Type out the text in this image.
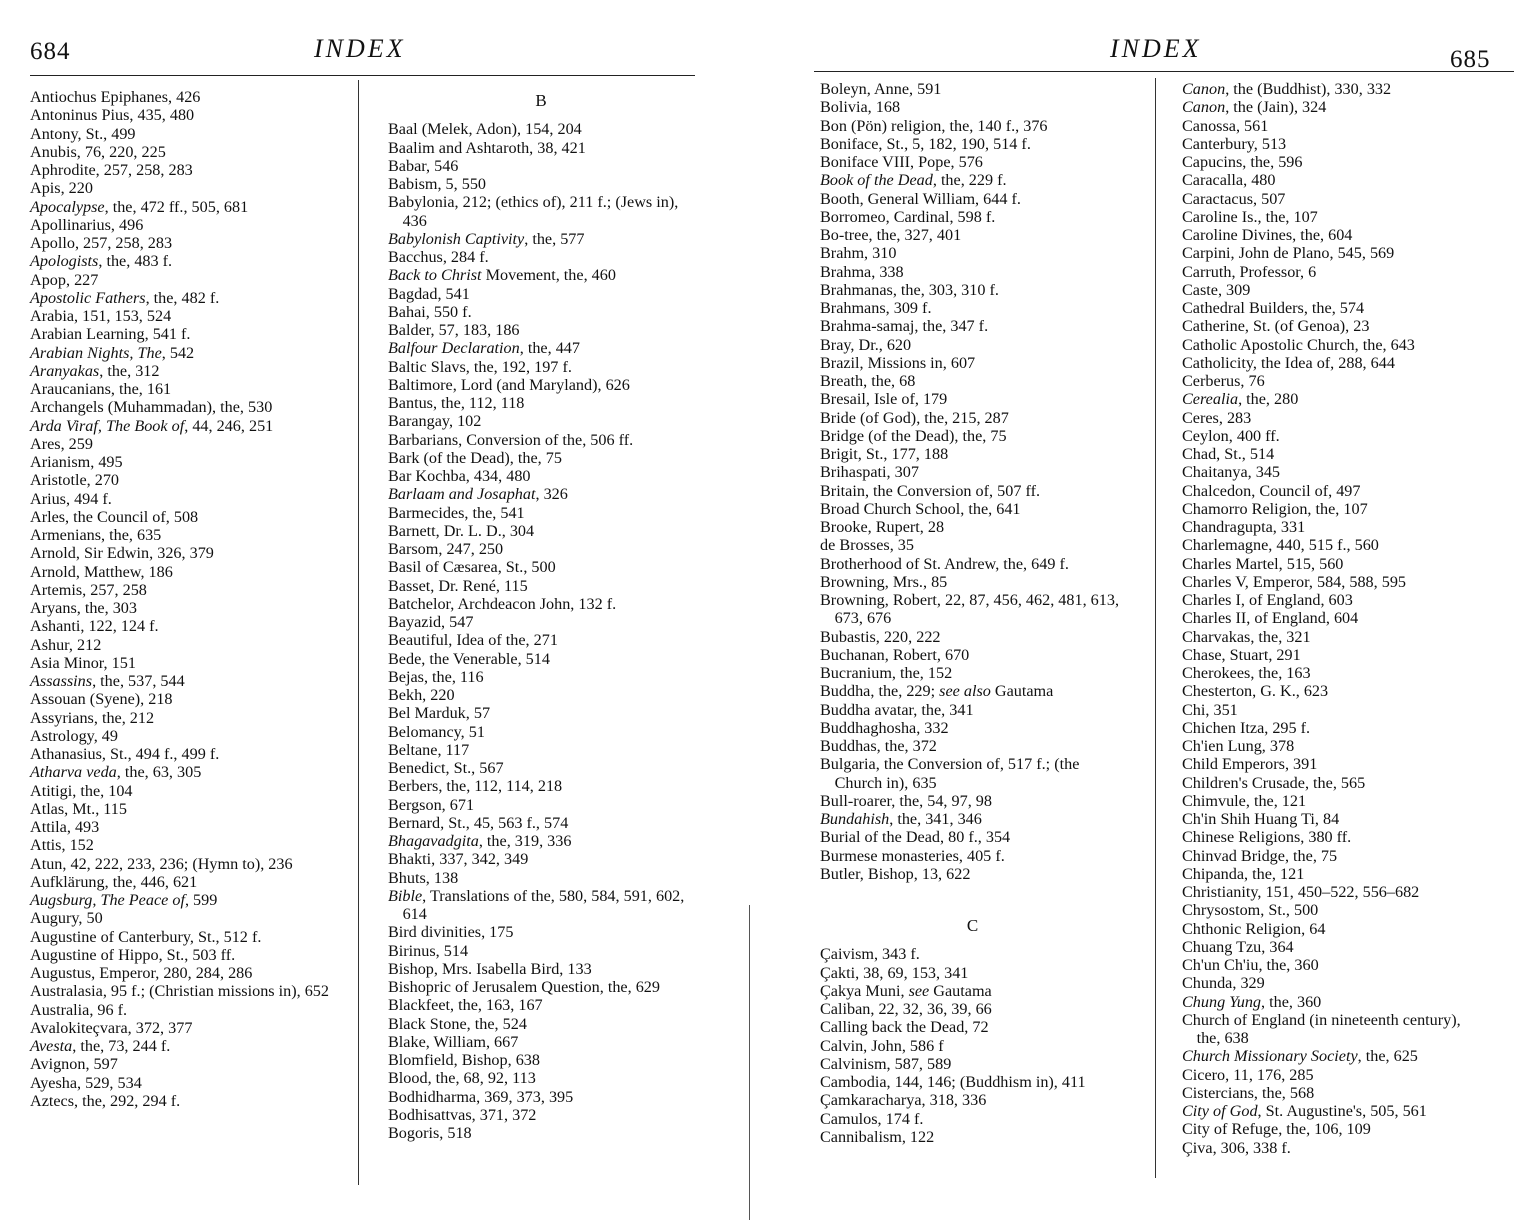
684	INDEX
Antiochus Epiphanes, 426
Antoninus Pius, 435, 480
Antony, St., 499
Anubis, 76, 220, 225
Aphrodite, 257, 258, 283
Apis, 220
Apocalypse, the, 472 ff., 505, 681
Apollinarius, 496
Apollo, 257, 258, 283
Apologists, the, 483 f.
Apop, 227
Apostolic Fathers, the, 482 f.
Arabia, 151, 153, 524
Arabian Learning, 541 f.
Arabian Nights, The, 542
Aranyakas, the, 312
Araucanians, the, 161
Archangels (Muhammadan), the, 530
Arda Viraf, The Book of, 44, 246, 251
Ares, 259
Arianism, 495
Aristotle, 270
Arius, 494 f.
Arles, the Council of, 508
Armenians, the, 635
Arnold, Sir Edwin, 326, 379
Arnold, Matthew, 186
Artemis, 257, 258
Aryans, the, 303
Ashanti, 122, 124 f.
Ashur, 212
Asia Minor, 151
Assassins, the, 537, 544
Assouan (Syene), 218
Assyrians, the, 212
Astrology, 49
Athanasius, St., 494 f., 499 f.
Atharva veda, the, 63, 305
Atitigi, the, 104
Atlas, Mt., 115
Attila, 493
Attis, 152
Atun, 42, 222, 233, 236; (Hymn to), 236
Aufklärung, the, 446, 621
Augsburg, The Peace of, 599
Augury, 50
Augustine of Canterbury, St., 512 f.
Augustine of Hippo, St., 503 ff.
Augustus, Emperor, 280, 284, 286
Australasia, 95 f.; (Christian missions in), 652
Australia, 96 f.
Avalokiteçvara, 372, 377
Avesta, the, 73, 244 f.
Avignon, 597
Ayesha, 529, 534
Aztecs, the, 292, 294 f.
B
Baal (Melek, Adon), 154, 204
Baalim and Ashtaroth, 38, 421
Babar, 546
Babism, 5, 550
Babylonia, 212; (ethics of), 211 f.; (Jews in), 436
Babylonish Captivity, the, 577
Bacchus, 284 f.
Back to Christ Movement, the, 460
Bagdad, 541
Bahai, 550 f.
Balder, 57, 183, 186
Balfour Declaration, the, 447
Baltic Slavs, the, 192, 197 f.
Baltimore, Lord (and Maryland), 626
Bantus, the, 112, 118
Barangay, 102
Barbarians, Conversion of the, 506 ff.
Bark (of the Dead), the, 75
Bar Kochba, 434, 480
Barlaam and Josaphat, 326
Barmecides, the, 541
Barnett, Dr. L. D., 304
Barsom, 247, 250
Basil of Cæsarea, St., 500
Basset, Dr. René, 115
Batchelor, Archdeacon John, 132 f.
Bayazid, 547
Beautiful, Idea of the, 271
Bede, the Venerable, 514
Bejas, the, 116
Bekh, 220
Bel Marduk, 57
Belomancy, 51
Beltane, 117
Benedict, St., 567
Berbers, the, 112, 114, 218
Bergson, 671
Bernard, St., 45, 563 f., 574
Bhagavadgita, the, 319, 336
Bhakti, 337, 342, 349
Bhuts, 138
Bible, Translations of the, 580, 584, 591, 602, 614
Bird divinities, 175
Birinus, 514
Bishop, Mrs. Isabella Bird, 133
Bishopric of Jerusalem Question, the, 629
Blackfeet, the, 163, 167
Black Stone, the, 524
Blake, William, 667
Blomfield, Bishop, 638
Blood, the, 68, 92, 113
Bodhidharma, 369, 373, 395
Bodhisattvas, 371, 372
Bogoris, 518
INDEX	685
Boleyn, Anne, 591
Bolivia, 168
Bon (Pön) religion, the, 140 f., 376
Boniface, St., 5, 182, 190, 514 f.
Boniface VIII, Pope, 576
Book of the Dead, the, 229 f.
Booth, General William, 644 f.
Borromeo, Cardinal, 598 f.
Bo-tree, the, 327, 401
Brahm, 310
Brahma, 338
Brahmanas, the, 303, 310 f.
Brahmans, 309 f.
Brahma-samaj, the, 347 f.
Bray, Dr., 620
Brazil, Missions in, 607
Breath, the, 68
Bresail, Isle of, 179
Bride (of God), the, 215, 287
Bridge (of the Dead), the, 75
Brigit, St., 177, 188
Brihaspati, 307
Britain, the Conversion of, 507 ff.
Broad Church School, the, 641
Brooke, Rupert, 28
de Brosses, 35
Brotherhood of St. Andrew, the, 649 f.
Browning, Mrs., 85
Browning, Robert, 22, 87, 456, 462, 481, 613, 673, 676
Bubastis, 220, 222
Buchanan, Robert, 670
Bucranium, the, 152
Buddha, the, 229; see also Gautama
Buddha avatar, the, 341
Buddhaghosha, 332
Buddhas, the, 372
Bulgaria, the Conversion of, 517 f.; (the Church in), 635
Bull-roarer, the, 54, 97, 98
Bundahish, the, 341, 346
Burial of the Dead, 80 f., 354
Burmese monasteries, 405 f.
Butler, Bishop, 13, 622
C
Çaivism, 343 f.
Çakti, 38, 69, 153, 341
Çakya Muni, see Gautama
Caliban, 22, 32, 36, 39, 66
Calling back the Dead, 72
Calvin, John, 586 f
Calvinism, 587, 589
Cambodia, 144, 146; (Buddhism in), 411
Çamkaracharya, 318, 336
Camulos, 174 f.
Cannibalism, 122
Canon, the (Buddhist), 330, 332
Canon, the (Jain), 324
Canossa, 561
Canterbury, 513
Capucins, the, 596
Caracalla, 480
Caractacus, 507
Caroline Is., the, 107
Caroline Divines, the, 604
Carpini, John de Plano, 545, 569
Carruth, Professor, 6
Caste, 309
Cathedral Builders, the, 574
Catherine, St. (of Genoa), 23
Catholic Apostolic Church, the, 643
Catholicity, the Idea of, 288, 644
Cerberus, 76
Cerealia, the, 280
Ceres, 283
Ceylon, 400 ff.
Chad, St., 514
Chaitanya, 345
Chalcedon, Council of, 497
Chamorro Religion, the, 107
Chandragupta, 331
Charlemagne, 440, 515 f., 560
Charles Martel, 515, 560
Charles V, Emperor, 584, 588, 595
Charles I, of England, 603
Charles II, of England, 604
Charvakas, the, 321
Chase, Stuart, 291
Cherokees, the, 163
Chesterton, G. K., 623
Chi, 351
Chichen Itza, 295 f.
Ch'ien Lung, 378
Child Emperors, 391
Children's Crusade, the, 565
Chimvule, the, 121
Ch'in Shih Huang Ti, 84
Chinese Religions, 380 ff.
Chinvad Bridge, the, 75
Chipanda, the, 121
Christianity, 151, 450–522, 556–682
Chrysostom, St., 500
Chthonic Religion, 64
Chuang Tzu, 364
Ch'un Ch'iu, the, 360
Chunda, 329
Chung Yung, the, 360
Church of England (in nineteenth century), the, 638
Church Missionary Society, the, 625
Cicero, 11, 176, 285
Cistercians, the, 568
City of God, St. Augustine's, 505, 561
City of Refuge, the, 106, 109
Çiva, 306, 338 f.
